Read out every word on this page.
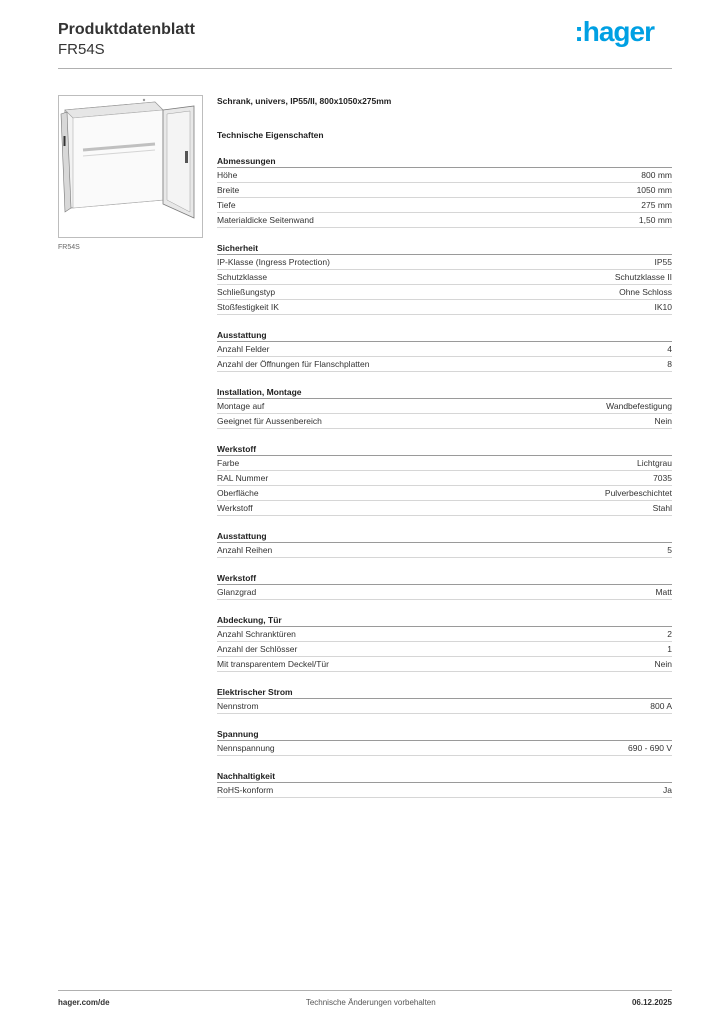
Produktdatenblatt
FR54S
:hager
FR54S
Schrank, univers, IP55/II, 800x1050x275mm
Technische Eigenschaften
Abmessungen
Höhe	800 mm
Breite	1050 mm
Tiefe	275 mm
Materialdicke Seitenwand	1,50 mm
Sicherheit
IP-Klasse (Ingress Protection)	IP55
Schutzklasse	Schutzklasse II
Schließungstyp	Ohne Schloss
Stoßfestigkeit IK	IK10
Ausstattung
Anzahl Felder	4
Anzahl der Öffnungen für Flanschplatten	8
Installation, Montage
Montage auf	Wandbefestigung
Geeignet für Aussenbereich	Nein
Werkstoff
Farbe	Lichtgrau
RAL Nummer	7035
Oberfläche	Pulverbeschichtet
Werkstoff	Stahl
Ausstattung
Anzahl Reihen	5
Werkstoff
Glanzgrad	Matt
Abdeckung, Tür
Anzahl Schranktüren	2
Anzahl der Schlösser	1
Mit transparentem Deckel/Tür	Nein
Elektrischer Strom
Nennstrom	800 A
Spannung
Nennspannung	690 - 690 V
Nachhaltigkeit
RoHS-konform	Ja
hager.com/de	Technische Änderungen vorbehalten	06.12.2025
